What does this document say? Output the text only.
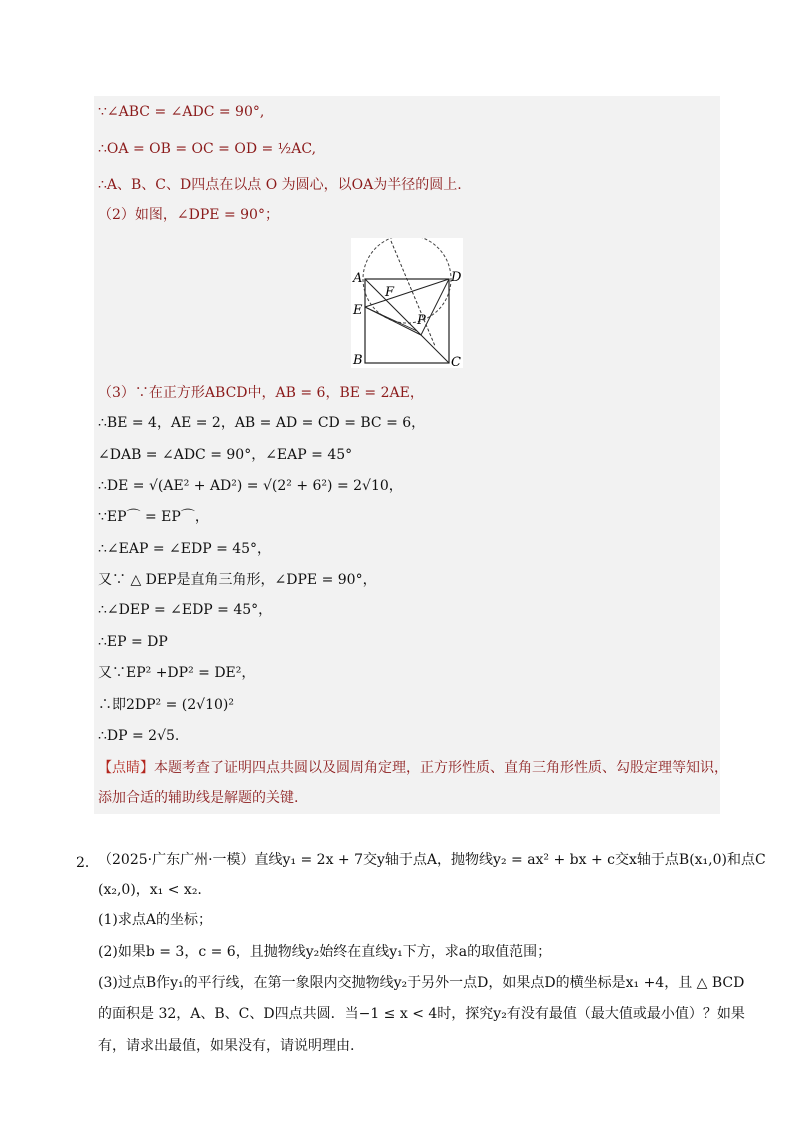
∵∠ABC = ∠ADC = 90°,
∴OA = OB = OC = OD = ½AC,
∴A、B、C、D四点在以点 O 为圆心，以OA为半径的圆上.
（2）如图，∠DPE = 90°；
A
B	C
D
E
F
P
（3）∵在正方形ABCD中，AB = 6，BE = 2AE，
∴BE = 4，AE = 2，AB = AD = CD = BC = 6，
∠DAB = ∠ADC = 90°，∠EAP = 45°
∴DE = √(AE² + AD²) = √(2² + 6²) = 2√10，
∵EP⌒ = EP⌒，
∴∠EAP = ∠EDP = 45°，
又∵ △ DEP是直角三角形，∠DPE = 90°，
∴∠DEP = ∠EDP = 45°，
∴EP = DP
又∵EP² +DP² = DE²，
∴即2DP² = (2√10)²
∴DP = 2√5.
【点睛】本题考查了证明四点共圆以及圆周角定理，正方形性质、直角三角形性质、勾股定理等知识，
添加合适的辅助线是解题的关键.
2． （2025·广东广州·一模）直线y₁ = 2x + 7交y轴于点A，抛物线y₂ = ax² + bx + c交x轴于点B(x₁,0)和点C
(x₂,0)，x₁ < x₂.
(1)求点A的坐标；
(2)如果b = 3，c = 6，且抛物线y₂始终在直线y₁下方，求a的取值范围；
(3)过点B作y₁的平行线，在第一象限内交抛物线y₂于另外一点D，如果点D的横坐标是x₁ +4，且 △ BCD
的面积是 32，A、B、C、D四点共圆．当−1 ≤ x < 4时，探究y₂有没有最值（最大值或最小值）？如果
有，请求出最值，如果没有，请说明理由.
